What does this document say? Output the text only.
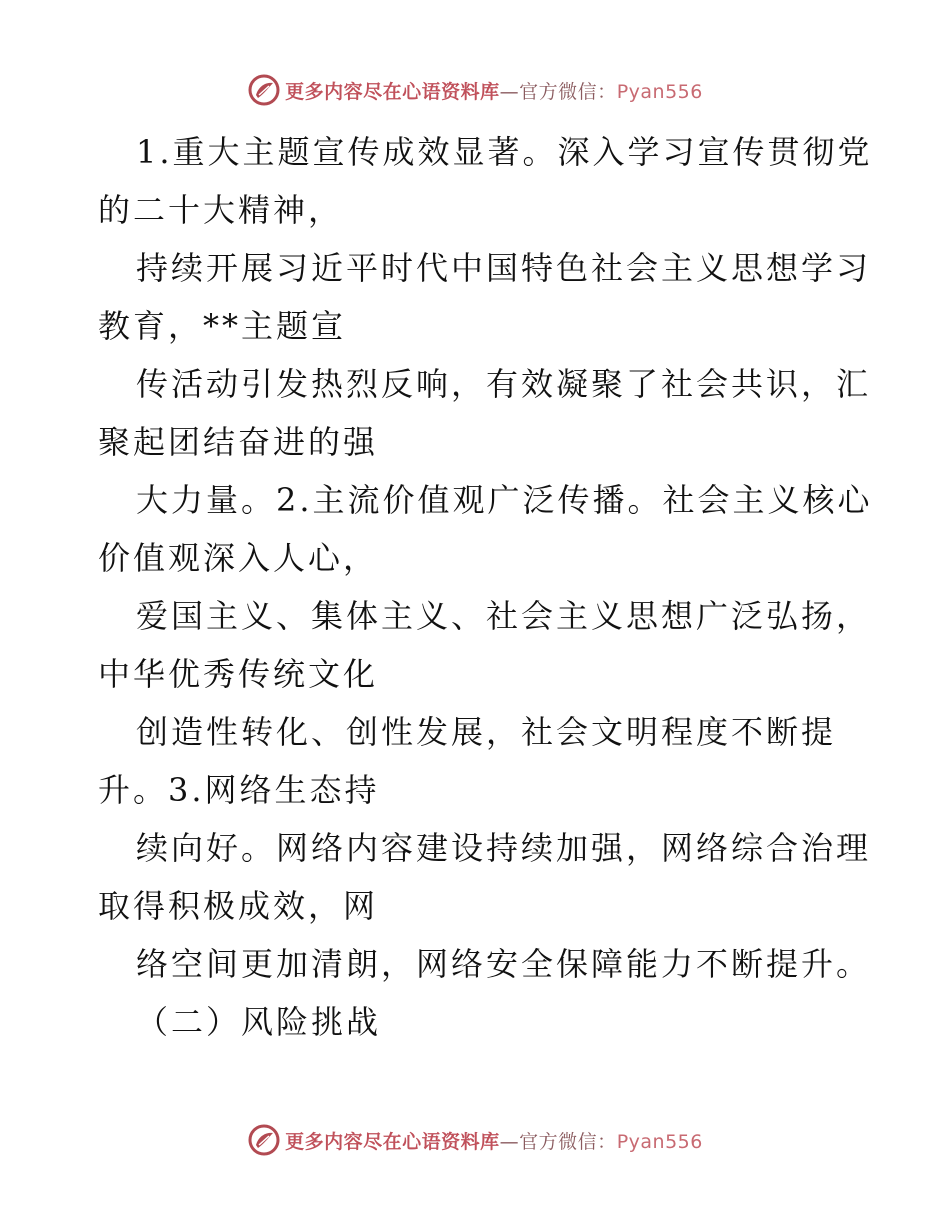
更多内容尽在心语资料库—官方微信：Pyan556
1.重大主题宣传成效显著。深入学习宣传贯彻党
的二十大精神，
持续开展习近平时代中国特色社会主义思想学习
教育，**主题宣
传活动引发热烈反响，有效凝聚了社会共识，汇
聚起团结奋进的强
大力量。2.主流价值观广泛传播。社会主义核心
价值观深入人心，
爱国主义、集体主义、社会主义思想广泛弘扬，
中华优秀传统文化
创造性转化、创性发展，社会文明程度不断提
升。3.网络生态持
续向好。网络内容建设持续加强，网络综合治理
取得积极成效，网
络空间更加清朗，网络安全保障能力不断提升。
（二）风险挑战
更多内容尽在心语资料库—官方微信：Pyan556
